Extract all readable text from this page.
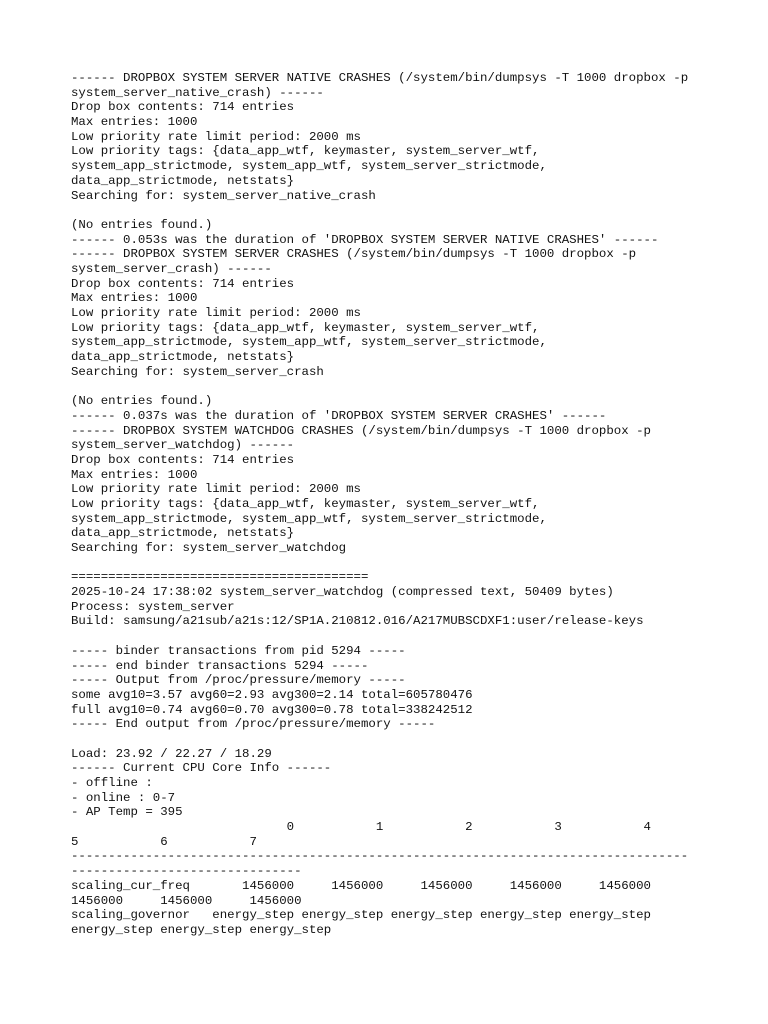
------ DROPBOX SYSTEM SERVER NATIVE CRASHES (/system/bin/dumpsys -T 1000 dropbox -p
system_server_native_crash) ------
Drop box contents: 714 entries
Max entries: 1000
Low priority rate limit period: 2000 ms
Low priority tags: {data_app_wtf, keymaster, system_server_wtf,
system_app_strictmode, system_app_wtf, system_server_strictmode,
data_app_strictmode, netstats}
Searching for: system_server_native_crash
(No entries found.)
------ 0.053s was the duration of 'DROPBOX SYSTEM SERVER NATIVE CRASHES' ------
------ DROPBOX SYSTEM SERVER CRASHES (/system/bin/dumpsys -T 1000 dropbox -p
system_server_crash) ------
Drop box contents: 714 entries
Max entries: 1000
Low priority rate limit period: 2000 ms
Low priority tags: {data_app_wtf, keymaster, system_server_wtf,
system_app_strictmode, system_app_wtf, system_server_strictmode,
data_app_strictmode, netstats}
Searching for: system_server_crash
(No entries found.)
------ 0.037s was the duration of 'DROPBOX SYSTEM SERVER CRASHES' ------
------ DROPBOX SYSTEM WATCHDOG CRASHES (/system/bin/dumpsys -T 1000 dropbox -p
system_server_watchdog) ------
Drop box contents: 714 entries
Max entries: 1000
Low priority rate limit period: 2000 ms
Low priority tags: {data_app_wtf, keymaster, system_server_wtf,
system_app_strictmode, system_app_wtf, system_server_strictmode,
data_app_strictmode, netstats}
Searching for: system_server_watchdog
========================================
2025-10-24 17:38:02 system_server_watchdog (compressed text, 50409 bytes)
Process: system_server
Build: samsung/a21sub/a21s:12/SP1A.210812.016/A217MUBSCDXF1:user/release-keys
----- binder transactions from pid 5294 -----
----- end binder transactions 5294 -----
----- Output from /proc/pressure/memory -----
some avg10=3.57 avg60=2.93 avg300=2.14 total=605780476
full avg10=0.74 avg60=0.70 avg300=0.78 total=338242512
----- End output from /proc/pressure/memory -----
Load: 23.92 / 22.27 / 18.29
------ Current CPU Core Info ------
- offline :
- online : 0-7
- AP Temp = 395
0           1           2           3           4
5           6           7
-----------------------------------------------------------------------------------
-------------------------------
scaling_cur_freq       1456000     1456000     1456000     1456000     1456000
1456000     1456000     1456000
scaling_governor   energy_step energy_step energy_step energy_step energy_step
energy_step energy_step energy_step
